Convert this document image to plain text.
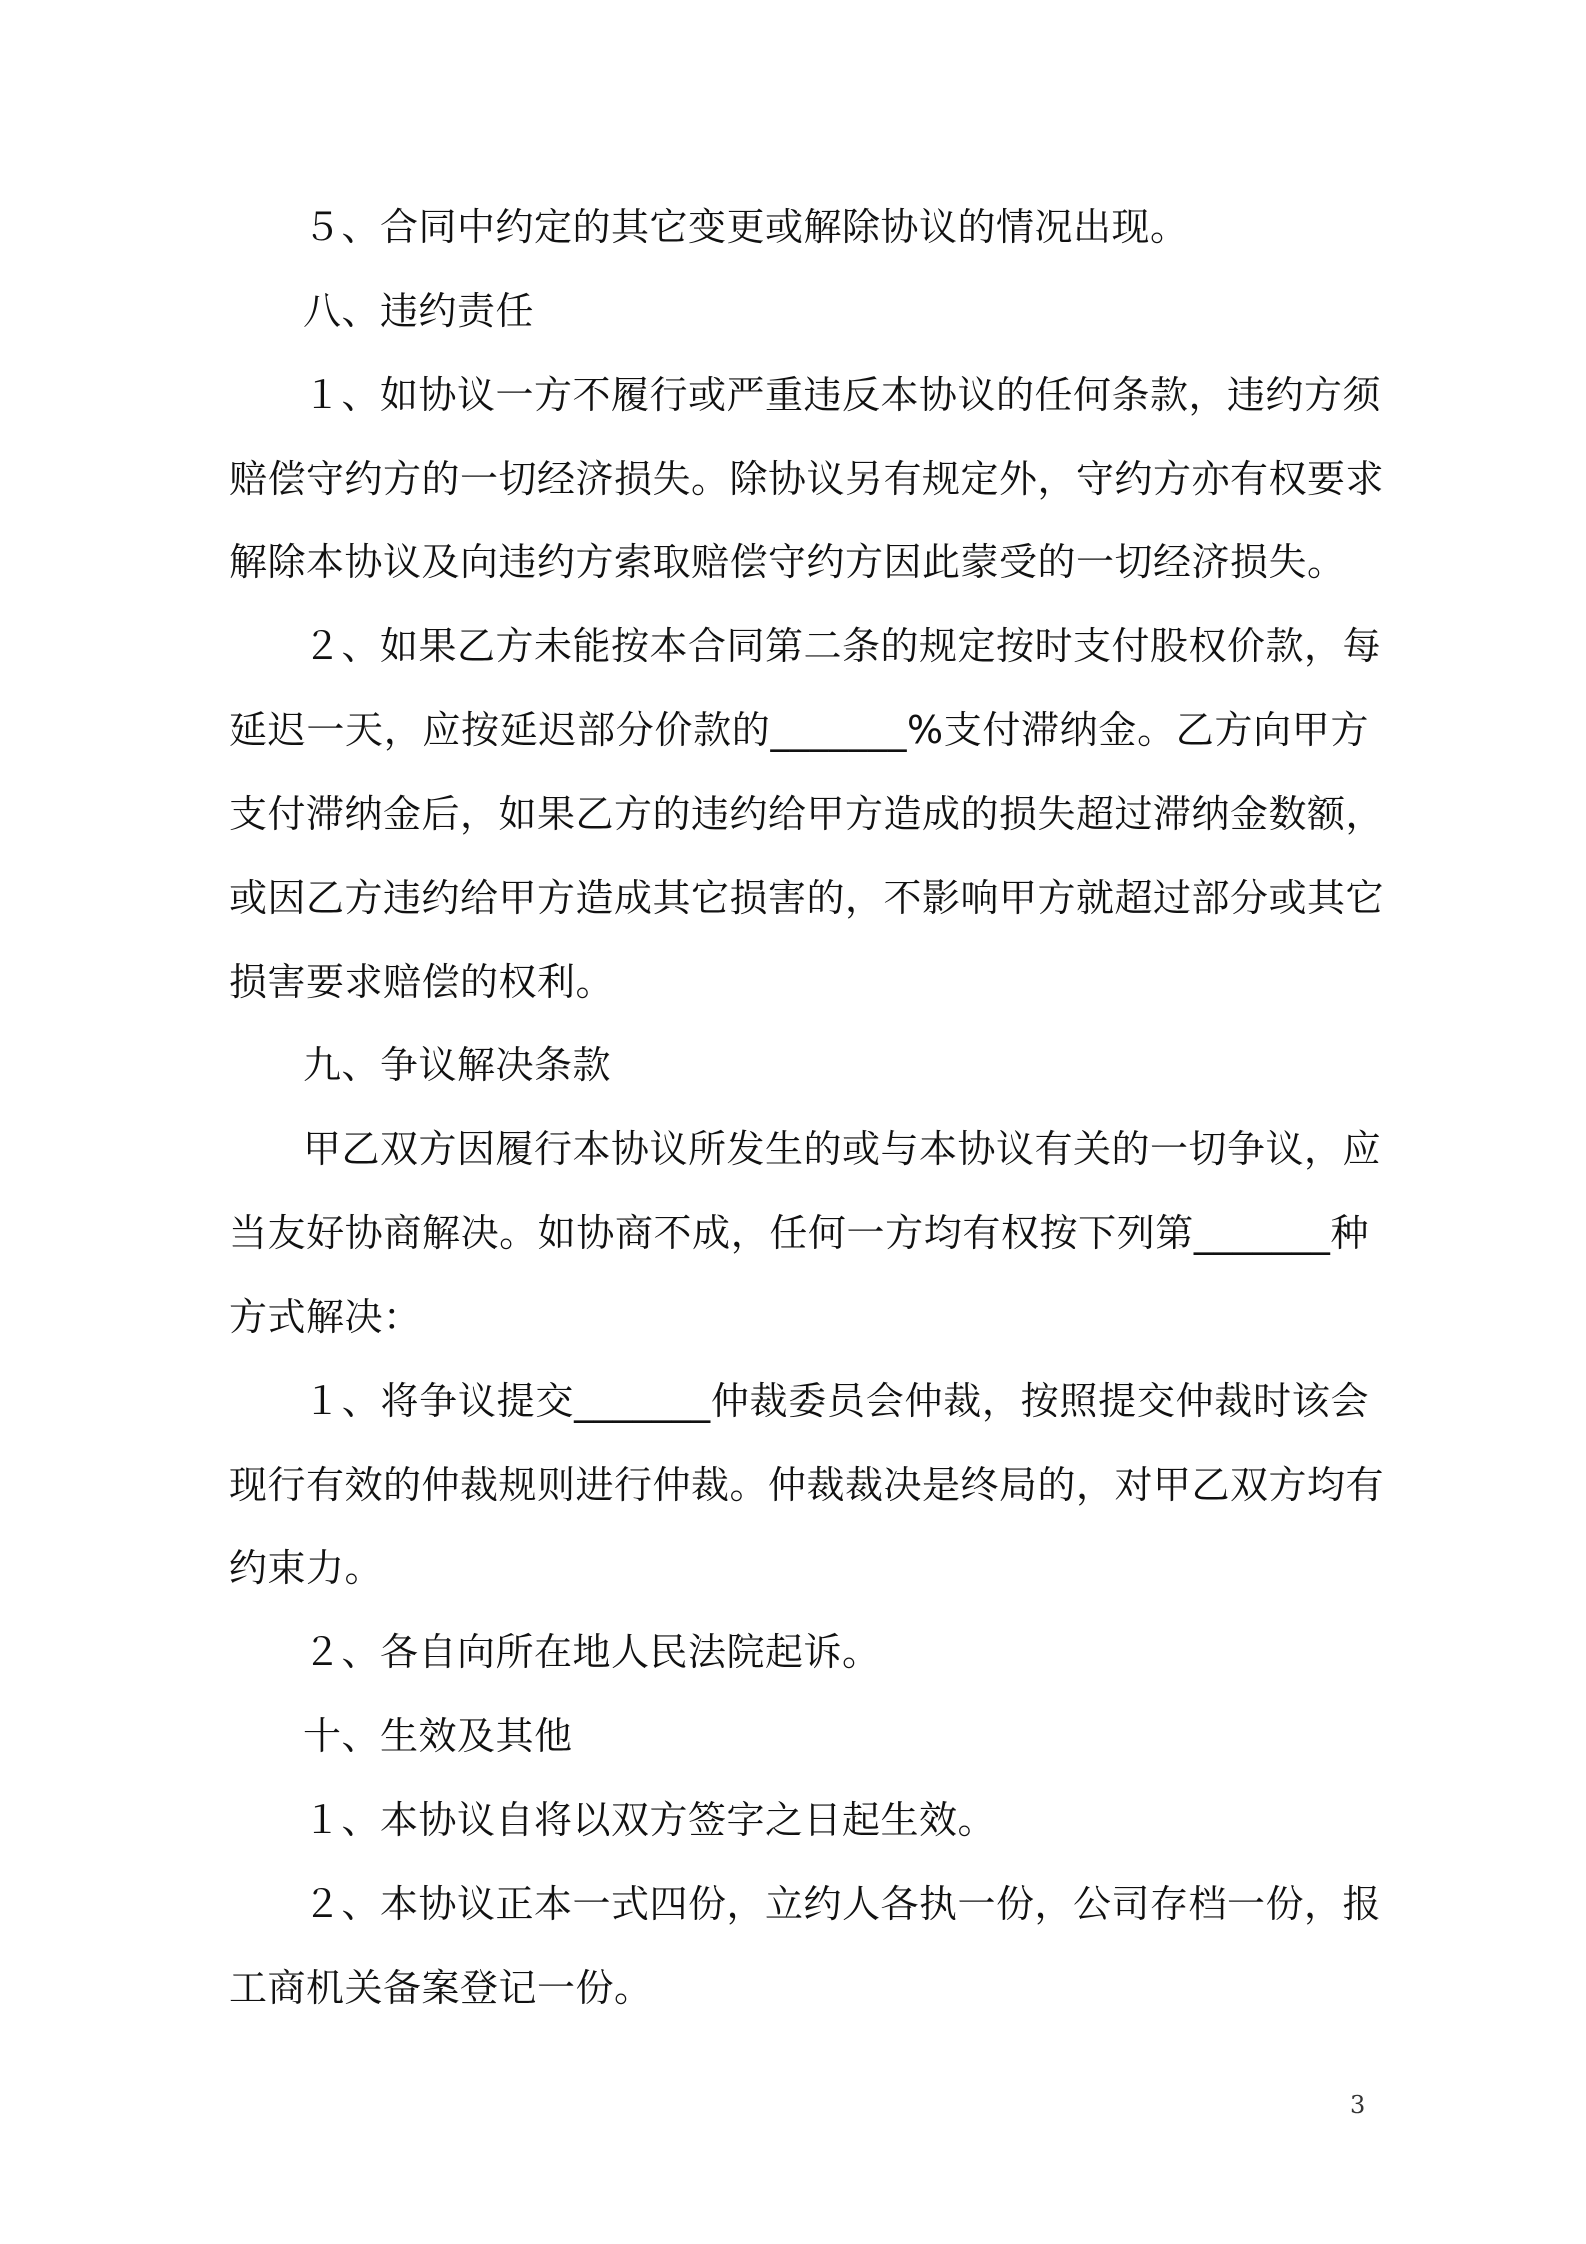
５、合同中约定的其它变更或解除协议的情况出现。
八、违约责任
１、如协议一方不履行或严重违反本协议的任何条款，违约方须
赔偿守约方的一切经济损失。除协议另有规定外，守约方亦有权要求
解除本协议及向违约方索取赔偿守约方因此蒙受的一切经济损失。
２、如果乙方未能按本合同第二条的规定按时支付股权价款，每
延迟一天，应按延迟部分价款的_______%支付滞纳金。乙方向甲方
支付滞纳金后，如果乙方的违约给甲方造成的损失超过滞纳金数额，
或因乙方违约给甲方造成其它损害的，不影响甲方就超过部分或其它
损害要求赔偿的权利。
九、争议解决条款
甲乙双方因履行本协议所发生的或与本协议有关的一切争议，应
当友好协商解决。如协商不成，任何一方均有权按下列第_______种
方式解决：
１、将争议提交_______仲裁委员会仲裁，按照提交仲裁时该会
现行有效的仲裁规则进行仲裁。仲裁裁决是终局的，对甲乙双方均有
约束力。
２、各自向所在地人民法院起诉。
十、生效及其他
１、本协议自将以双方签字之日起生效。
２、本协议正本一式四份，立约人各执一份，公司存档一份，报
工商机关备案登记一份。
3
